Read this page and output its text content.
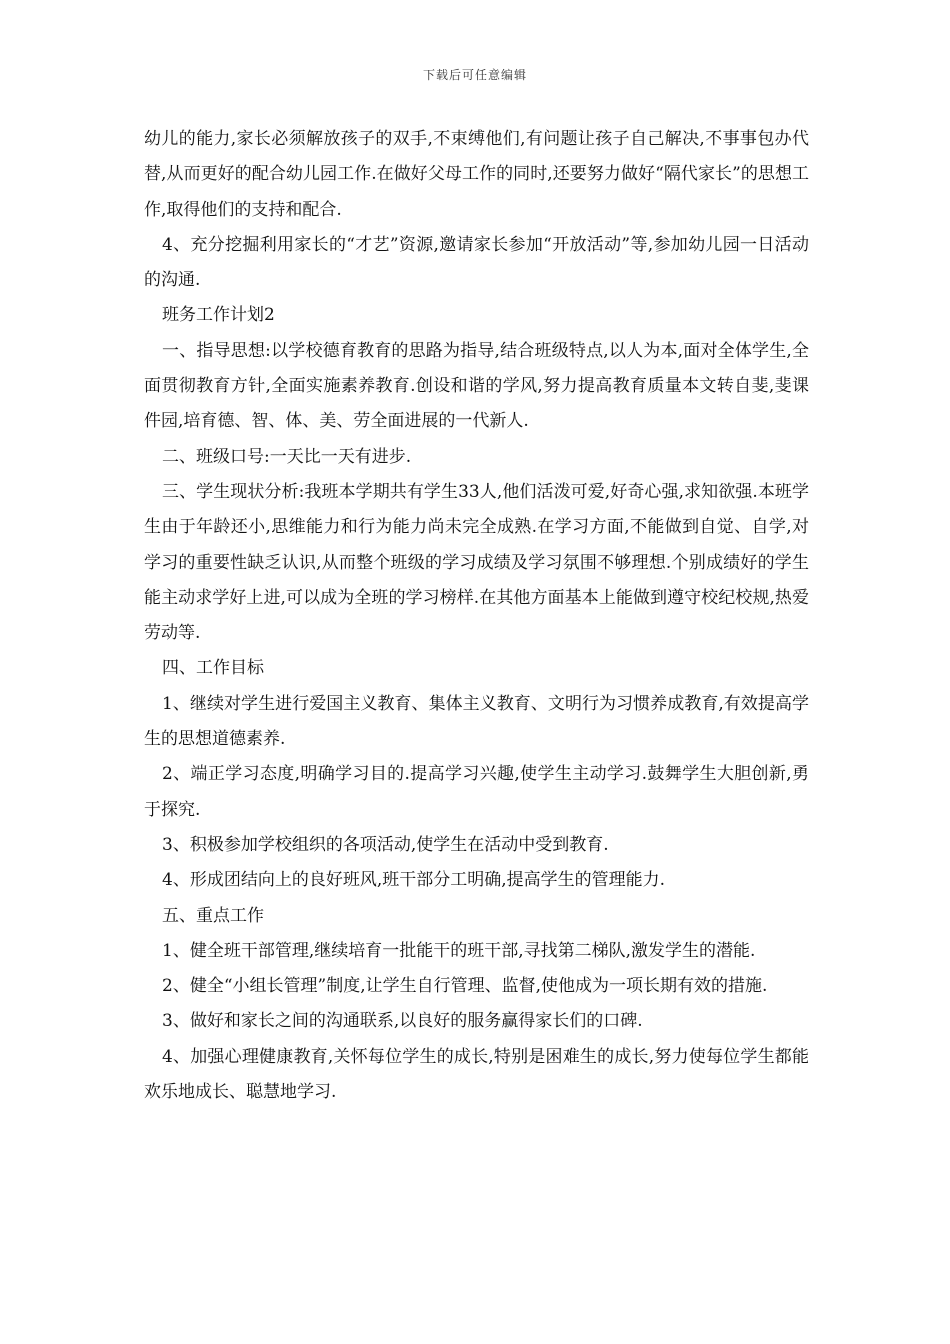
下载后可任意编辑

幼儿的能力,家长必须解放孩子的双手,不束缚他们,有问题让孩子自己解决,不事事包办代替,从而更好的配合幼儿园工作.在做好父母工作的同时,还要努力做好“隔代家长”的思想工作,取得他们的支持和配合.

4、充分挖掘利用家长的“才艺”资源,邀请家长参加“开放活动”等,参加幼儿园一日活动的沟通.

班务工作计划2

一、指导思想:以学校德育教育的思路为指导,结合班级特点,以人为本,面对全体学生,全面贯彻教育方针,全面实施素养教育.创设和谐的学风,努力提高教育质量本文转自斐,斐课件园,培育德、智、体、美、劳全面进展的一代新人.

二、班级口号:一天比一天有进步.

三、学生现状分析:我班本学期共有学生33人,他们活泼可爱,好奇心强,求知欲强.本班学生由于年龄还小,思维能力和行为能力尚未完全成熟.在学习方面,不能做到自觉、自学,对学习的重要性缺乏认识,从而整个班级的学习成绩及学习氛围不够理想.个别成绩好的学生能主动求学好上进,可以成为全班的学习榜样.在其他方面基本上能做到遵守校纪校规,热爱劳动等.

四、工作目标

1、继续对学生进行爱国主义教育、集体主义教育、文明行为习惯养成教育,有效提高学生的思想道德素养.

2、端正学习态度,明确学习目的.提高学习兴趣,使学生主动学习.鼓舞学生大胆创新,勇于探究.

3、积极参加学校组织的各项活动,使学生在活动中受到教育.

4、形成团结向上的良好班风,班干部分工明确,提高学生的管理能力.

五、重点工作

1、健全班干部管理,继续培育一批能干的班干部,寻找第二梯队,激发学生的潜能.

2、健全“小组长管理”制度,让学生自行管理、监督,使他成为一项长期有效的措施.

3、做好和家长之间的沟通联系,以良好的服务赢得家长们的口碑.

4、加强心理健康教育,关怀每位学生的成长,特别是困难生的成长,努力使每位学生都能欢乐地成长、聪慧地学习.
